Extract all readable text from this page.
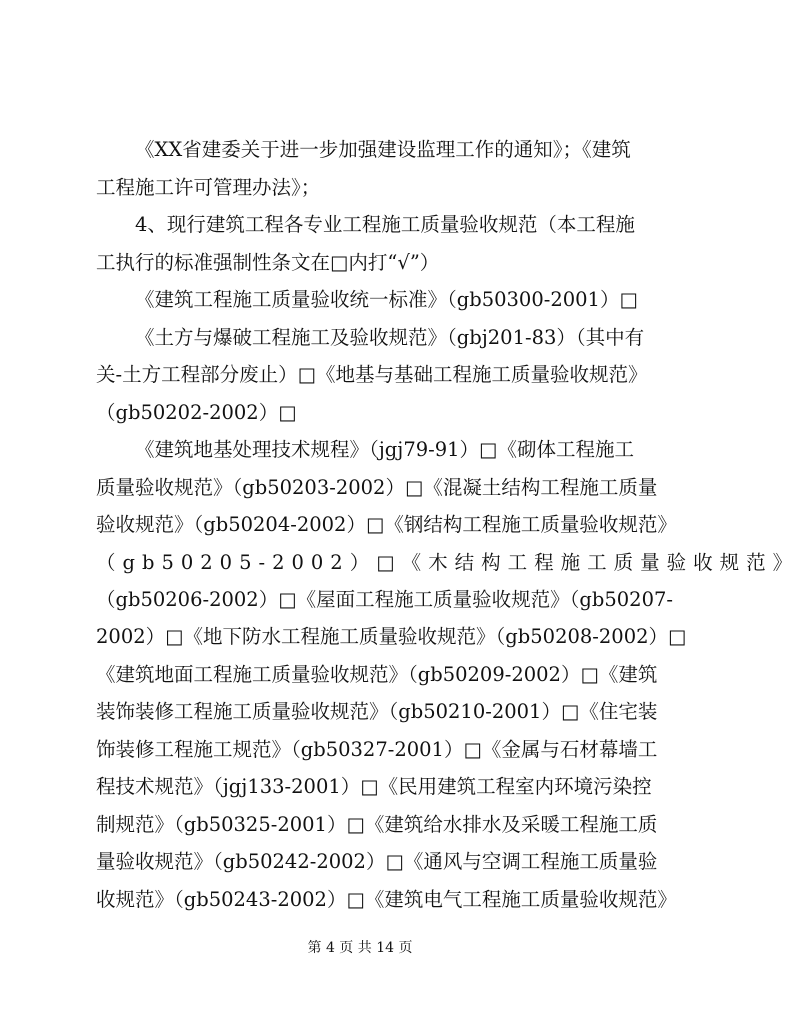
《XX省建委关于进一步加强建设监理工作的通知》；《建筑
工程施工许可管理办法》；
4、现行建筑工程各专业工程施工质量验收规范（本工程施
工执行的标准强制性条文在□内打“√”）
《建筑工程施工质量验收统一标准》（gb50300-2001）□
《土方与爆破工程施工及验收规范》（gbj201-83）（其中有
关-土方工程部分废止）□《地基与基础工程施工质量验收规范》
（gb50202-2002）□
《建筑地基处理技术规程》（jgj79-91）□《砌体工程施工
质量验收规范》（gb50203-2002）□《混凝土结构工程施工质量
验收规范》（gb50204-2002）□《钢结构工程施工质量验收规范》
（gb50205-2002）□《木结构工程施工质量验收规范》
（gb50206-2002）□《屋面工程施工质量验收规范》（gb50207-
2002）□《地下防水工程施工质量验收规范》（gb50208-2002）□
《建筑地面工程施工质量验收规范》（gb50209-2002）□《建筑
装饰装修工程施工质量验收规范》（gb50210-2001）□《住宅装
饰装修工程施工规范》（gb50327-2001）□《金属与石材幕墙工
程技术规范》（jgj133-2001）□《民用建筑工程室内环境污染控
制规范》（gb50325-2001）□《建筑给水排水及采暖工程施工质
量验收规范》（gb50242-2002）□《通风与空调工程施工质量验
收规范》（gb50243-2002）□《建筑电气工程施工质量验收规范》
第 4 页 共 14 页
